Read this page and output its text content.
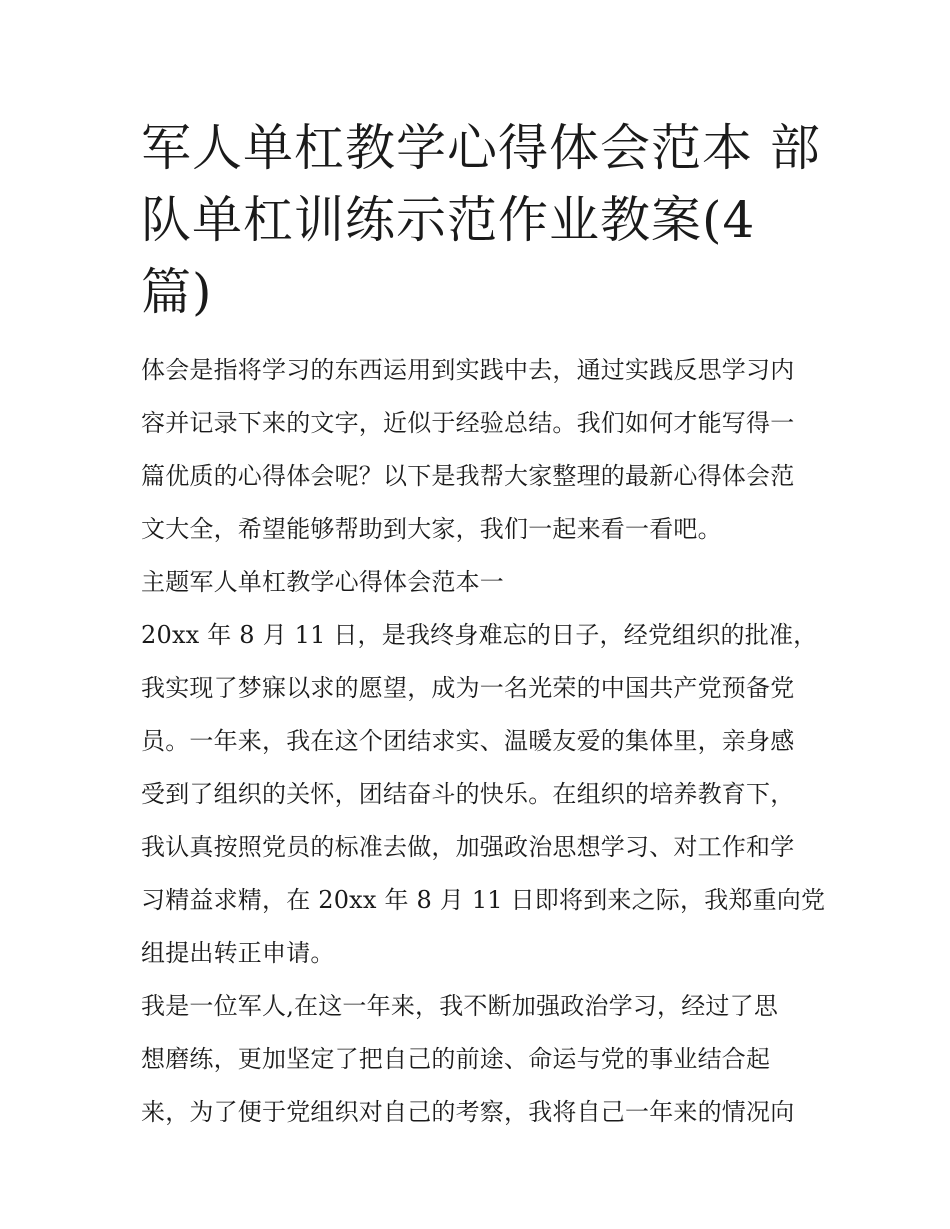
军人单杠教学心得体会范本 部
队单杠训练示范作业教案(4
篇)

体会是指将学习的东西运用到实践中去，通过实践反思学习内

容并记录下来的文字，近似于经验总结。我们如何才能写得一

篇优质的心得体会呢？以下是我帮大家整理的最新心得体会范

文大全，希望能够帮助到大家，我们一起来看一看吧。

主题军人单杠教学心得体会范本一

20xx 年 8 月 11 日，是我终身难忘的日子，经党组织的批准，

我实现了梦寐以求的愿望，成为一名光荣的中国共产党预备党

员。一年来，我在这个团结求实、温暖友爱的集体里，亲身感

受到了组织的关怀，团结奋斗的快乐。在组织的培养教育下，

我认真按照党员的标准去做，加强政治思想学习、对工作和学

习精益求精，在 20xx 年 8 月 11 日即将到来之际，我郑重向党

组提出转正申请。

我是一位军人,在这一年来，我不断加强政治学习，经过了思

想磨练，更加坚定了把自己的前途、命运与党的事业结合起

来，为了便于党组织对自己的考察，我将自己一年来的情况向
